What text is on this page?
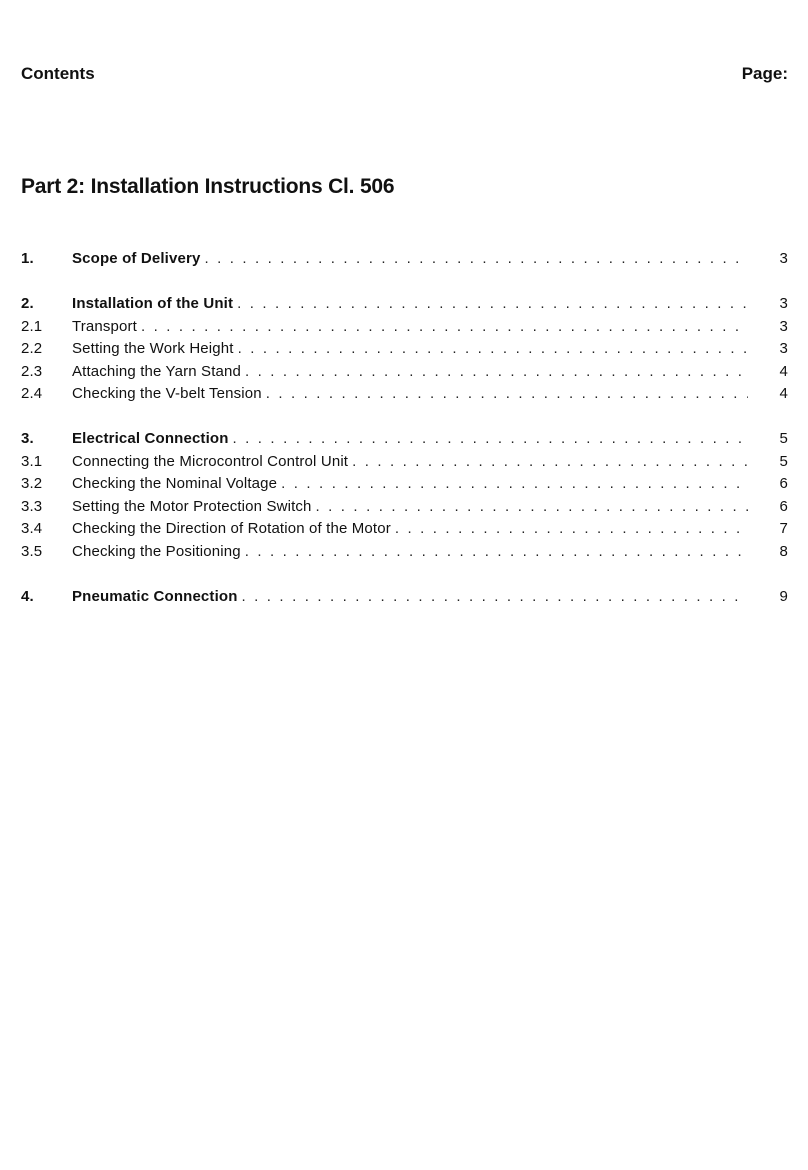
Contents	Page:
Part 2: Installation Instructions Cl. 506
1.	Scope of Delivery . . .	3
2.	Installation of the Unit . . .	3
2.1	Transport . . .	3
2.2	Setting the Work Height . . .	3
2.3	Attaching the Yarn Stand . . .	4
2.4	Checking the V-belt Tension . . .	4
3.	Electrical Connection . . .	5
3.1	Connecting the Microcontrol Control Unit . . .	5
3.2	Checking the Nominal Voltage . . .	6
3.3	Setting the Motor Protection Switch . . .	6
3.4	Checking the Direction of Rotation of the Motor . . .	7
3.5	Checking the Positioning . . .	8
4.	Pneumatic Connection . . .	9
